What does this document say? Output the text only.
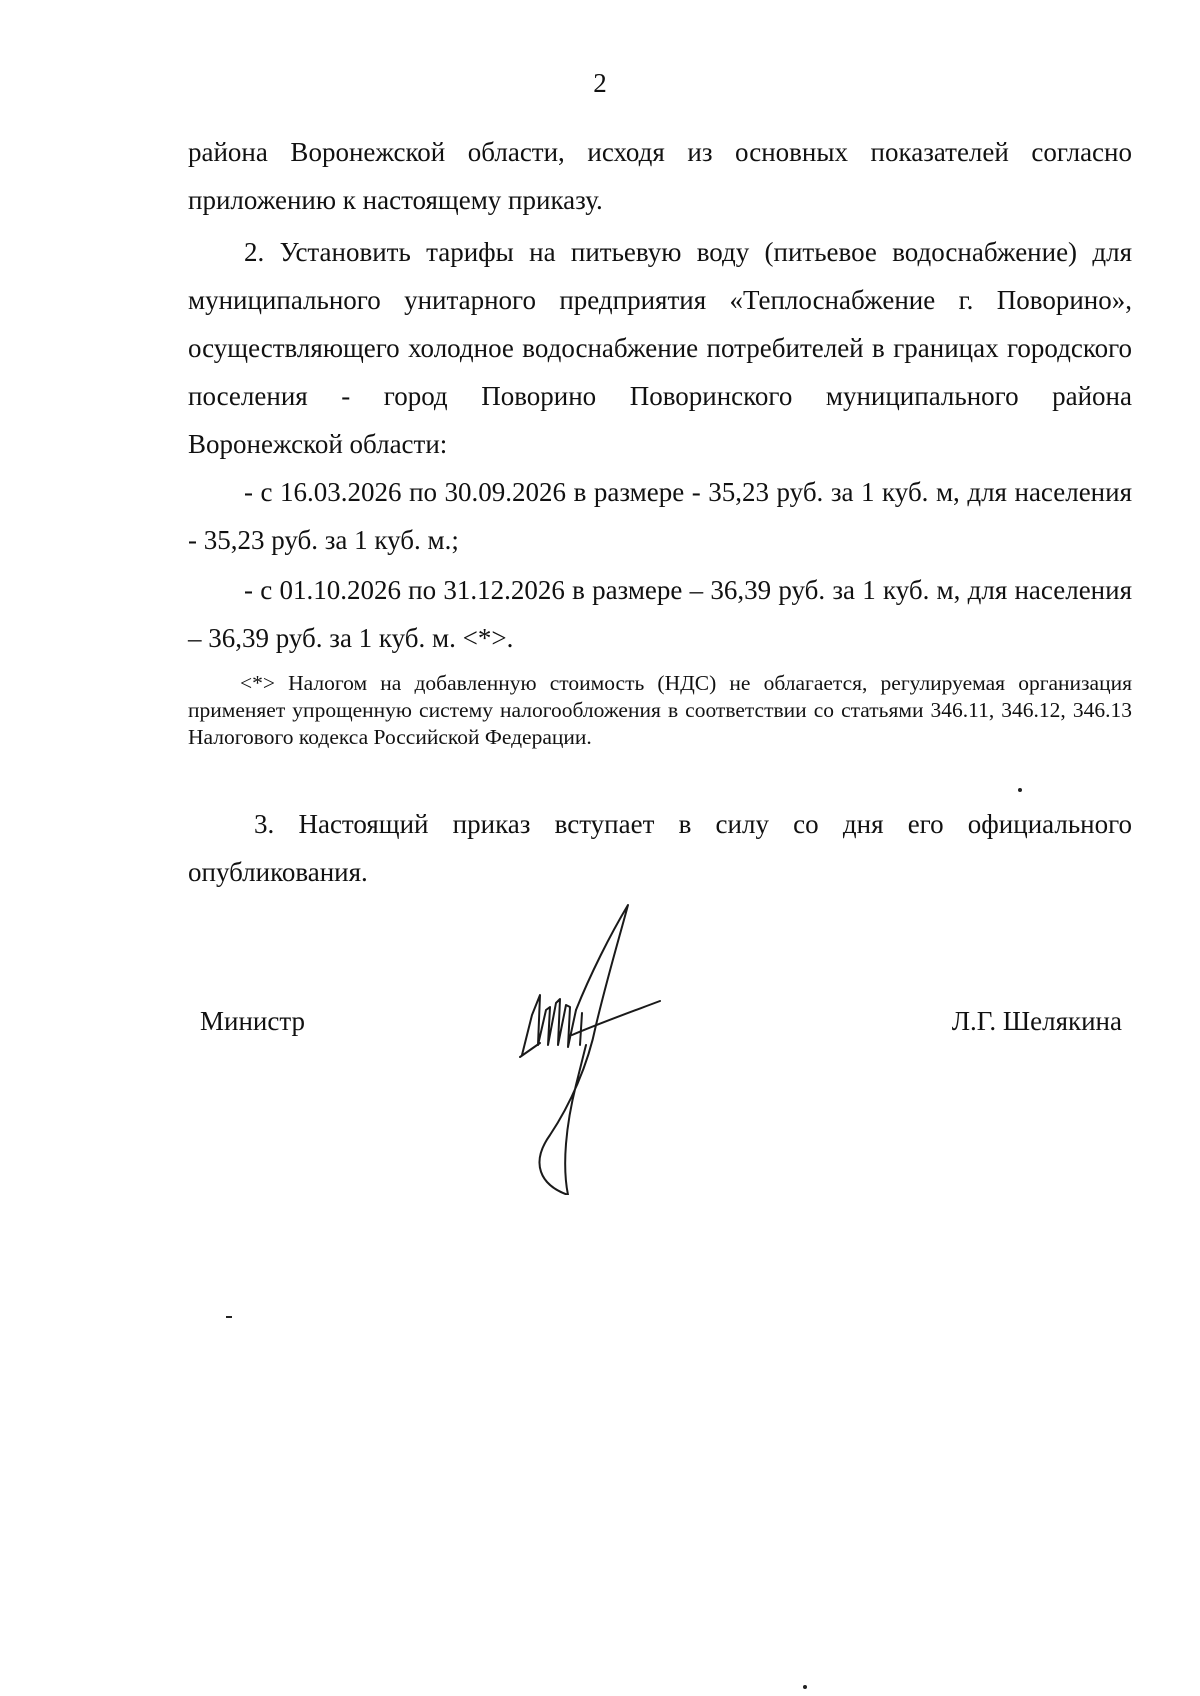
2

района Воронежской области, исходя из основных показателей согласно приложению к настоящему приказу.

2. Установить тарифы на питьевую воду (питьевое водоснабжение) для муниципального унитарного предприятия «Теплоснабжение г. Поворино», осуществляющего холодное водоснабжение потребителей в границах городского поселения - город Поворино Поворинского муниципального района Воронежской области:

- с 16.03.2026 по 30.09.2026 в размере - 35,23 руб. за 1 куб. м, для населения - 35,23 руб. за 1 куб. м.;

- с 01.10.2026 по 31.12.2026 в размере – 36,39 руб. за 1 куб. м, для населения – 36,39 руб. за 1 куб. м. <*>.

<*> Налогом на добавленную стоимость (НДС) не облагается, регулируемая организация применяет упрощенную систему налогообложения в соответствии со статьями 346.11, 346.12, 346.13 Налогового кодекса Российской Федерации.

3. Настоящий приказ вступает в силу со дня его официального опубликования.

Министр	Л.Г. Шелякина
